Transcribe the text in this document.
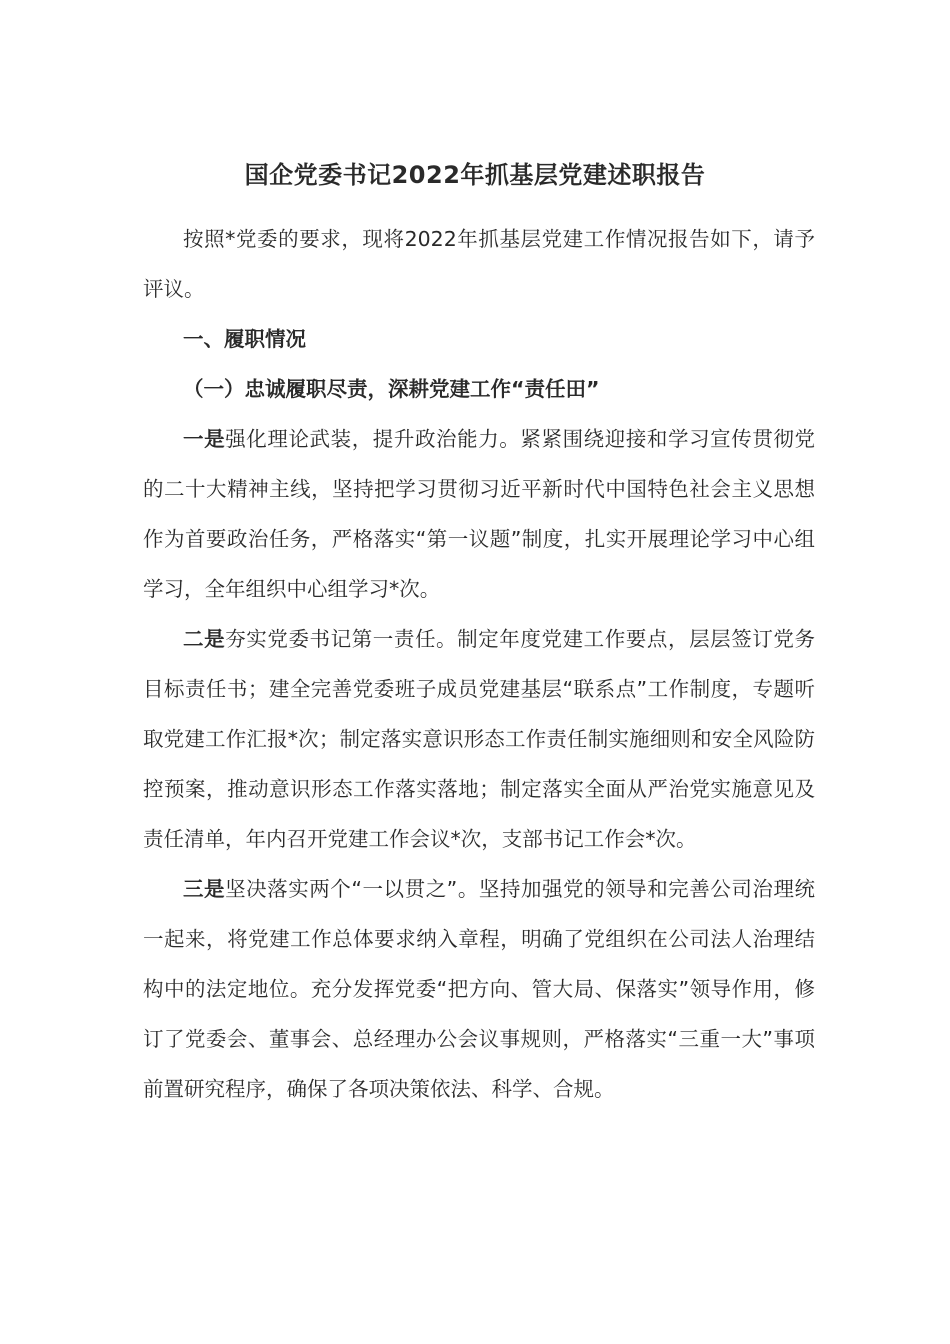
国企党委书记2022年抓基层党建述职报告

按照*党委的要求，现将2022年抓基层党建工作情况报告如下，请予评议。

一、履职情况

（一）忠诚履职尽责，深耕党建工作“责任田”

一是强化理论武装，提升政治能力。紧紧围绕迎接和学习宣传贯彻党的二十大精神主线，坚持把学习贯彻习近平新时代中国特色社会主义思想作为首要政治任务，严格落实“第一议题”制度，扎实开展理论学习中心组学习，全年组织中心组学习*次。

二是夯实党委书记第一责任。制定年度党建工作要点，层层签订党务目标责任书；建全完善党委班子成员党建基层“联系点”工作制度，专题听取党建工作汇报*次；制定落实意识形态工作责任制实施细则和安全风险防控预案，推动意识形态工作落实落地；制定落实全面从严治党实施意见及责任清单，年内召开党建工作会议*次，支部书记工作会*次。

三是坚决落实两个“一以贯之”。坚持加强党的领导和完善公司治理统一起来，将党建工作总体要求纳入章程，明确了党组织在公司法人治理结构中的法定地位。充分发挥党委“把方向、管大局、保落实”领导作用，修订了党委会、董事会、总经理办公会议事规则，严格落实“三重一大”事项前置研究程序，确保了各项决策依法、科学、合规。
